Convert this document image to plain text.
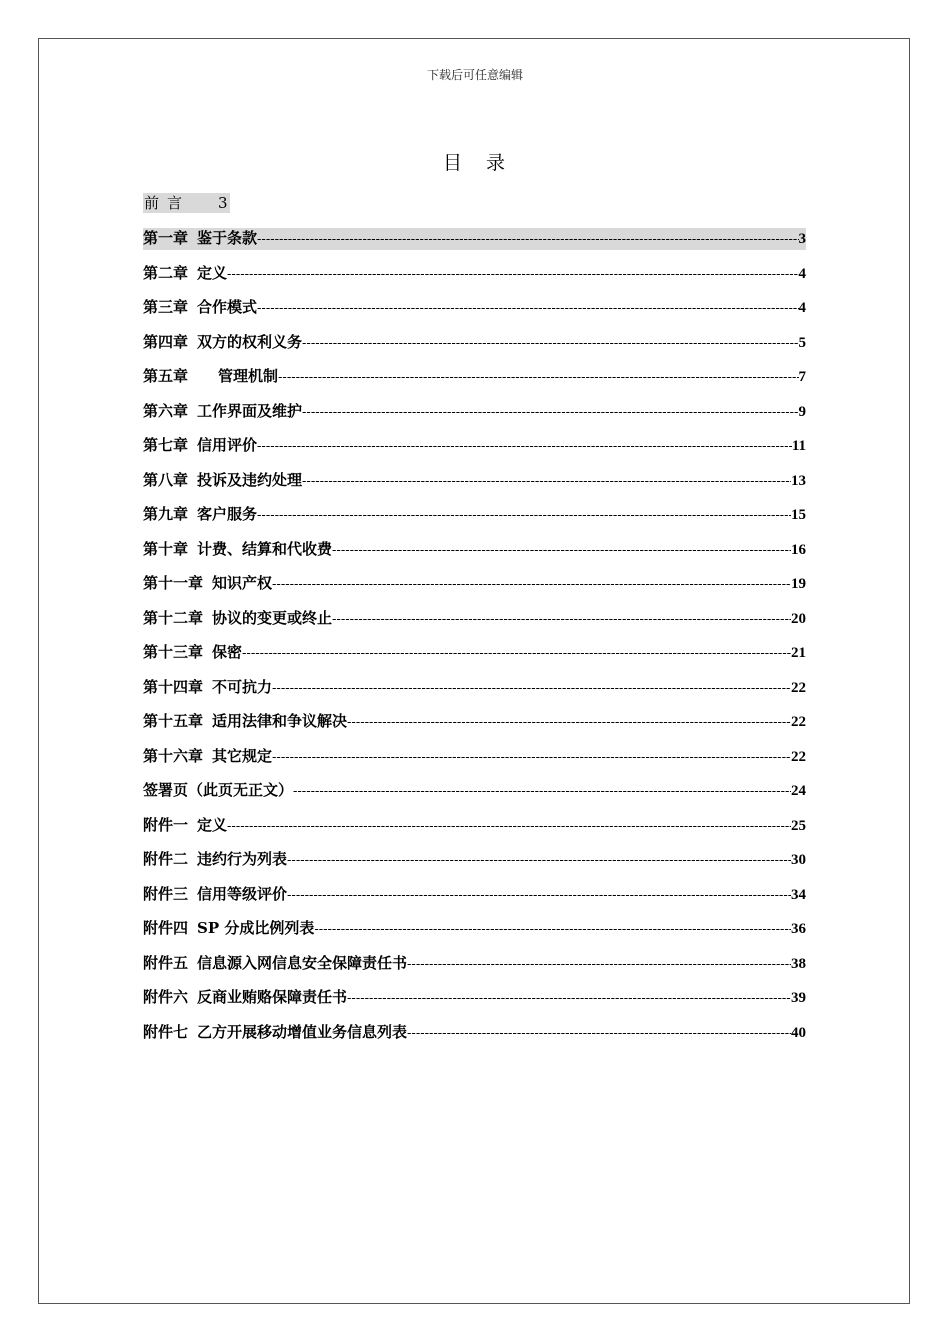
下载后可任意编辑
目 录
前 言 3
第一章 鉴于条款 -----	3
第二章 定义 -----	4
第三章 合作模式 -----	4
第四章 双方的权利义务 -----	5
第五章 管理机制 -----	7
第六章 工作界面及维护 -----	9
第七章 信用评价 -----	11
第八章 投诉及违约处理 -----	13
第九章 客户服务 -----	15
第十章 计费、结算和代收费 -----	16
第十一章 知识产权 -----	19
第十二章 协议的变更或终止 -----	20
第十三章 保密 -----	21
第十四章 不可抗力 -----	22
第十五章 适用法律和争议解决 -----	22
第十六章 其它规定 -----	22
签署页（此页无正文） -----	24
附件一 定义 -----	25
附件二 违约行为列表 -----	30
附件三 信用等级评价 -----	34
附件四 SP 分成比例列表 -----	36
附件五 信息源入网信息安全保障责任书 -----	38
附件六 反商业贿赂保障责任书 -----	39
附件七 乙方开展移动增值业务信息列表 -----	40
